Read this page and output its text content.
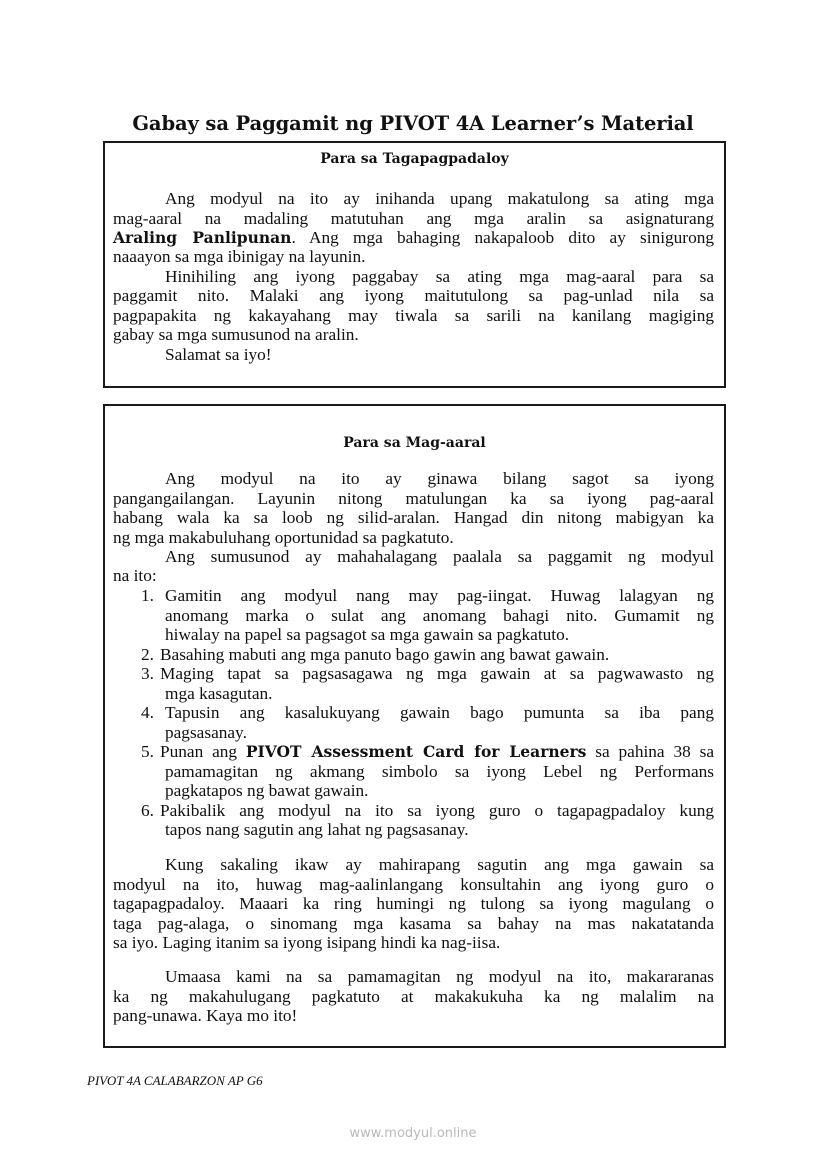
Gabay sa Paggamit ng PIVOT 4A Learner’s Material
Para sa Tagapagpadaloy
Ang modyul na ito ay inihanda upang makatulong sa ating mga
mag-aaral na madaling matutuhan ang mga aralin sa asignaturang
Araling Panlipunan. Ang mga bahaging nakapaloob dito ay sinigurong
naaayon sa mga ibinigay na layunin.
Hinihiling ang iyong paggabay sa ating mga mag-aaral para sa
paggamit nito. Malaki ang iyong maitutulong sa pag-unlad nila sa
pagpapakita ng kakayahang may tiwala sa sarili na kanilang magiging
gabay sa mga sumusunod na aralin.
Salamat sa iyo!
Para sa Mag-aaral
Ang modyul na ito ay ginawa bilang sagot sa iyong
pangangailangan. Layunin nitong matulungan ka sa iyong pag-aaral
habang wala ka sa loob ng silid-aralan. Hangad din nitong mabigyan ka
ng mga makabuluhang oportunidad sa pagkatuto.
Ang sumusunod ay mahahalagang paalala sa paggamit ng modyul
na ito:
1. Gamitin ang modyul nang may pag-iingat. Huwag lalagyan ng
anomang marka o sulat ang anomang bahagi nito. Gumamit ng
hiwalay na papel sa pagsagot sa mga gawain sa pagkatuto.
2. Basahing mabuti ang mga panuto bago gawin ang bawat gawain.
3. Maging tapat sa pagsasagawa ng mga gawain at sa pagwawasto ng
mga kasagutan.
4. Tapusin ang kasalukuyang gawain bago pumunta sa iba pang
pagsasanay.
5. Punan ang PIVOT Assessment Card for Learners sa pahina 38 sa
pamamagitan ng akmang simbolo sa iyong Lebel ng Performans
pagkatapos ng bawat gawain.
6. Pakibalik ang modyul na ito sa iyong guro o tagapagpadaloy kung
tapos nang sagutin ang lahat ng pagsasanay.
Kung sakaling ikaw ay mahirapang sagutin ang mga gawain sa
modyul na ito, huwag mag-aalinlangang konsultahin ang iyong guro o
tagapagpadaloy. Maaari ka ring humingi ng tulong sa iyong magulang o
taga pag-alaga, o sinomang mga kasama sa bahay na mas nakatatanda
sa iyo. Laging itanim sa iyong isipang hindi ka nag-iisa.
Umaasa kami na sa pamamagitan ng modyul na ito, makararanas
ka ng makahulugang pagkatuto at makakukuha ka ng malalim na
pang-unawa. Kaya mo ito!
PIVOT 4A CALABARZON AP G6
www.modyul.online
